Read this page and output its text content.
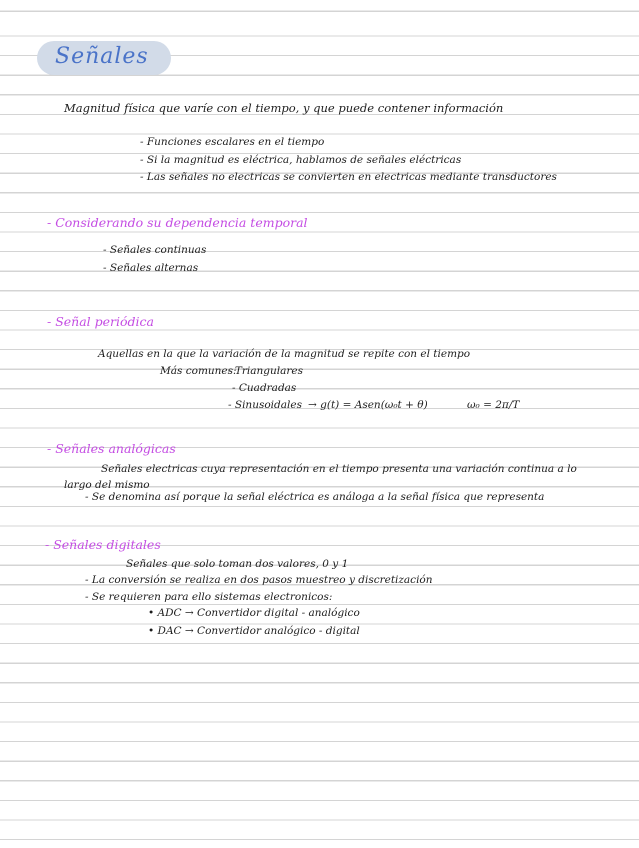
Señales
Magnitud física que varíe con el tiempo, y que puede contener información
- Funciones escalares en el tiempo
- Si la magnitud es eléctrica, hablamos de señales eléctricas
- Las señales no electricas se convierten en electricas mediante transductores
- Considerando su dependencia temporal
- Señales continuas
- Señales alternas
- Señal periódica
Aquellas en la que la variación de la magnitud se repite con el tiempo
Más comunes:
- Triangulares
- Cuadradas
- Sinusoidales → g(t) = Asen(ω₀t + θ)	ω₀ = 2π/T
- Señales analógicas
Señales electricas cuya representación en el tiempo presenta una variación continua a lo
largo del mismo
- Se denomina así porque la señal eléctrica es análoga a la señal física que representa
- Señales digitales
Señales que solo toman dos valores, 0 y 1
- La conversión se realiza en dos pasos muestreo y discretización
- Se requieren para ello sistemas electronicos:
• ADC → Convertidor digital - analógico
• DAC → Convertidor analógico - digital
